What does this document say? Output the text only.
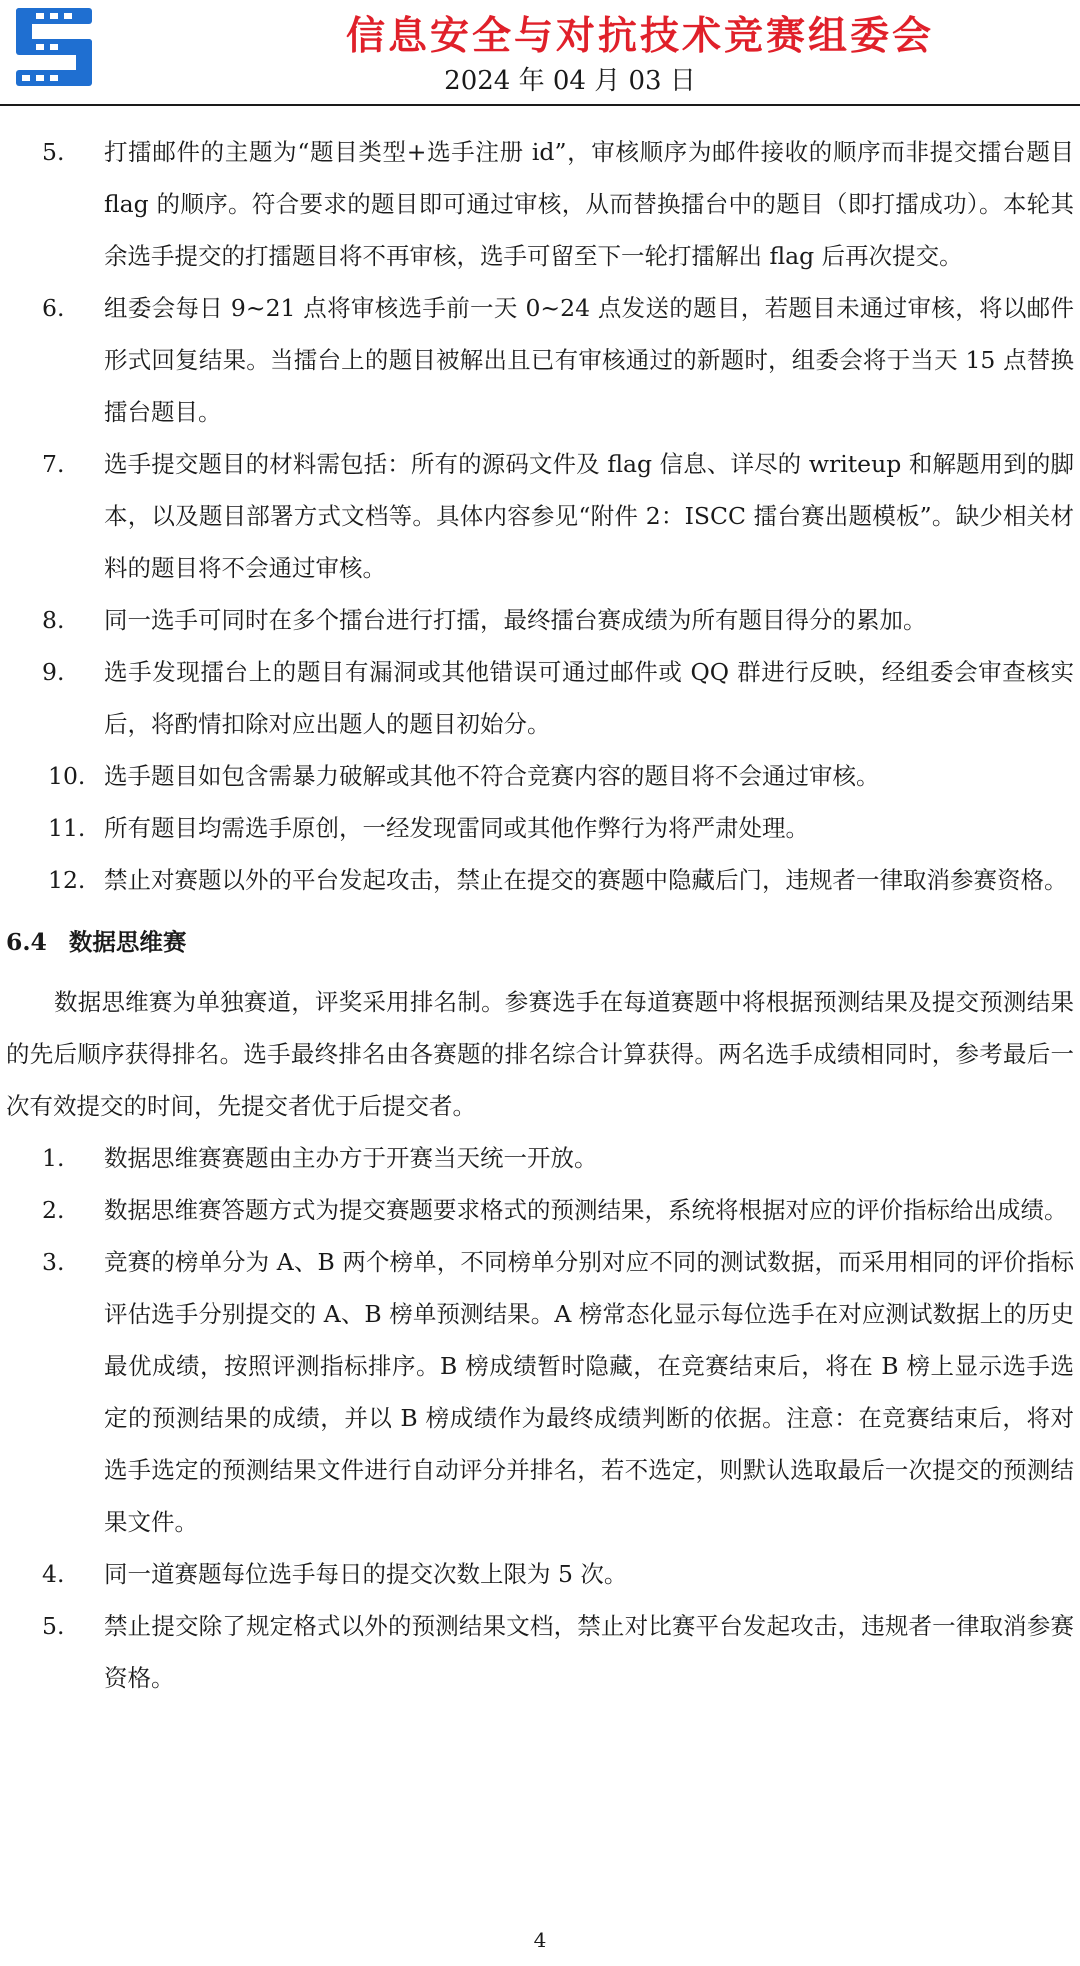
信息安全与对抗技术竞赛组委会
2024 年 04 月 03 日
5.	打擂邮件的主题为“题目类型+选手注册 id”，审核顺序为邮件接收的顺序而非提交擂台题目 flag 的顺序。符合要求的题目即可通过审核，从而替换擂台中的题目（即打擂成功）。本轮其余选手提交的打擂题目将不再审核，选手可留至下一轮打擂解出 flag 后再次提交。
6.	组委会每日 9~21 点将审核选手前一天 0~24 点发送的题目，若题目未通过审核，将以邮件形式回复结果。当擂台上的题目被解出且已有审核通过的新题时，组委会将于当天 15 点替换擂台题目。
7.	选手提交题目的材料需包括：所有的源码文件及 flag 信息、详尽的 writeup 和解题用到的脚本，以及题目部署方式文档等。具体内容参见“附件 2：ISCC 擂台赛出题模板”。缺少相关材料的题目将不会通过审核。
8.	同一选手可同时在多个擂台进行打擂，最终擂台赛成绩为所有题目得分的累加。
9.	选手发现擂台上的题目有漏洞或其他错误可通过邮件或 QQ 群进行反映，经组委会审查核实后，将酌情扣除对应出题人的题目初始分。
10. 选手题目如包含需暴力破解或其他不符合竞赛内容的题目将不会通过审核。
11. 所有题目均需选手原创，一经发现雷同或其他作弊行为将严肃处理。
12. 禁止对赛题以外的平台发起攻击，禁止在提交的赛题中隐藏后门，违规者一律取消参赛资格。
6.4 数据思维赛

数据思维赛为单独赛道，评奖采用排名制。参赛选手在每道赛题中将根据预测结果及提交预测结果的先后顺序获得排名。选手最终排名由各赛题的排名综合计算获得。两名选手成绩相同时，参考最后一次有效提交的时间，先提交者优于后提交者。

1.	数据思维赛赛题由主办方于开赛当天统一开放。
2.	数据思维赛答题方式为提交赛题要求格式的预测结果，系统将根据对应的评价指标给出成绩。
3.	竞赛的榜单分为 A、B 两个榜单，不同榜单分别对应不同的测试数据，而采用相同的评价指标评估选手分别提交的 A、B 榜单预测结果。A 榜常态化显示每位选手在对应测试数据上的历史最优成绩，按照评测指标排序。B 榜成绩暂时隐藏，在竞赛结束后，将在 B 榜上显示选手选定的预测结果的成绩，并以 B 榜成绩作为最终成绩判断的依据。注意：在竞赛结束后，将对选手选定的预测结果文件进行自动评分并排名，若不选定，则默认选取最后一次提交的预测结果文件。
4.	同一道赛题每位选手每日的提交次数上限为 5 次。
5.	禁止提交除了规定格式以外的预测结果文档，禁止对比赛平台发起攻击，违规者一律取消参赛资格。
4
